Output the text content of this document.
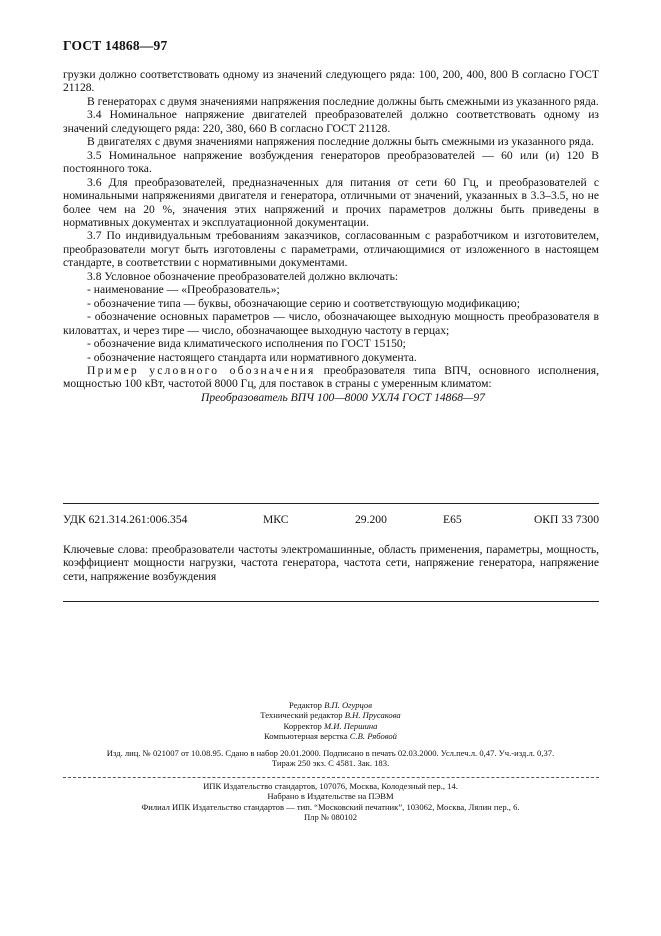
ГОСТ 14868—97

грузки должно соответствовать одному из значений следующего ряда: 100, 200, 400, 800 В согласно ГОСТ 21128.

В генераторах с двумя значениями напряжения последние должны быть смежными из указанного ряда.

3.4 Номинальное напряжение двигателей преобразователей должно соответствовать одному из значений следующего ряда: 220, 380, 660 В согласно ГОСТ 21128.

В двигателях с двумя значениями напряжения последние должны быть смежными из указанного ряда.

3.5 Номинальное напряжение возбуждения генераторов преобразователей — 60 или (и) 120 В постоянного тока.

3.6 Для преобразователей, предназначенных для питания от сети 60 Гц, и преобразователей с номинальными напряжениями двигателя и генератора, отличными от значений, указанных в 3.3–3.5, но не более чем на 20 %, значения этих напряжений и прочих параметров должны быть приведены в нормативных документах и эксплуатационной документации.

3.7 По индивидуальным требованиям заказчиков, согласованным с разработчиком и изготовителем, преобразователи могут быть изготовлены с параметрами, отличающимися от изложенного в настоящем стандарте, в соответствии с нормативными документами.

3.8 Условное обозначение преобразователей должно включать:

- наименование — «Преобразователь»;

- обозначение типа — буквы, обозначающие серию и соответствующую модификацию;

- обозначение основных параметров — число, обозначающее выходную мощность преобразователя в киловаттах, и через тире — число, обозначающее выходную частоту в герцах;

- обозначение вида климатического исполнения по ГОСТ 15150;

- обозначение настоящего стандарта или нормативного документа.

Пример условного обозначения преобразователя типа ВПЧ, основного исполнения, мощностью 100 кВт, частотой 8000 Гц, для поставок в страны с умеренным климатом:

Преобразователь ВПЧ 100—8000 УХЛ4 ГОСТ 14868—97

УДК 621.314.261:006.354	МКС	29.200	Е65	ОКП 33 7300
Ключевые слова: преобразователи частоты электромашинные, область применения, параметры, мощность, коэффициент мощности нагрузки, частота генератора, частота сети, напряжение генератора, напряжение сети, напряжение возбуждения
Редактор В.П. Огурцов
Технический редактор В.Н. Прусакова
Корректор М.И. Першина
Компьютерная верстка С.В. Рябовой
Изд. лиц. № 021007 от 10.08.95. Сдано в набор 20.01.2000. Подписано в печать 02.03.2000. Усл.печ.л. 0,47. Уч.-изд.л. 0,37.
Тираж 250 экз. С 4581. Зак. 183.
ИПК Издательство стандартов, 107076, Москва, Колодезный пер., 14.
Набрано в Издательстве на ПЭВМ
Филиал ИПК Издательство стандартов — тип. “Московский печатник”, 103062, Москва, Лялин пер., 6.
Плр № 080102
